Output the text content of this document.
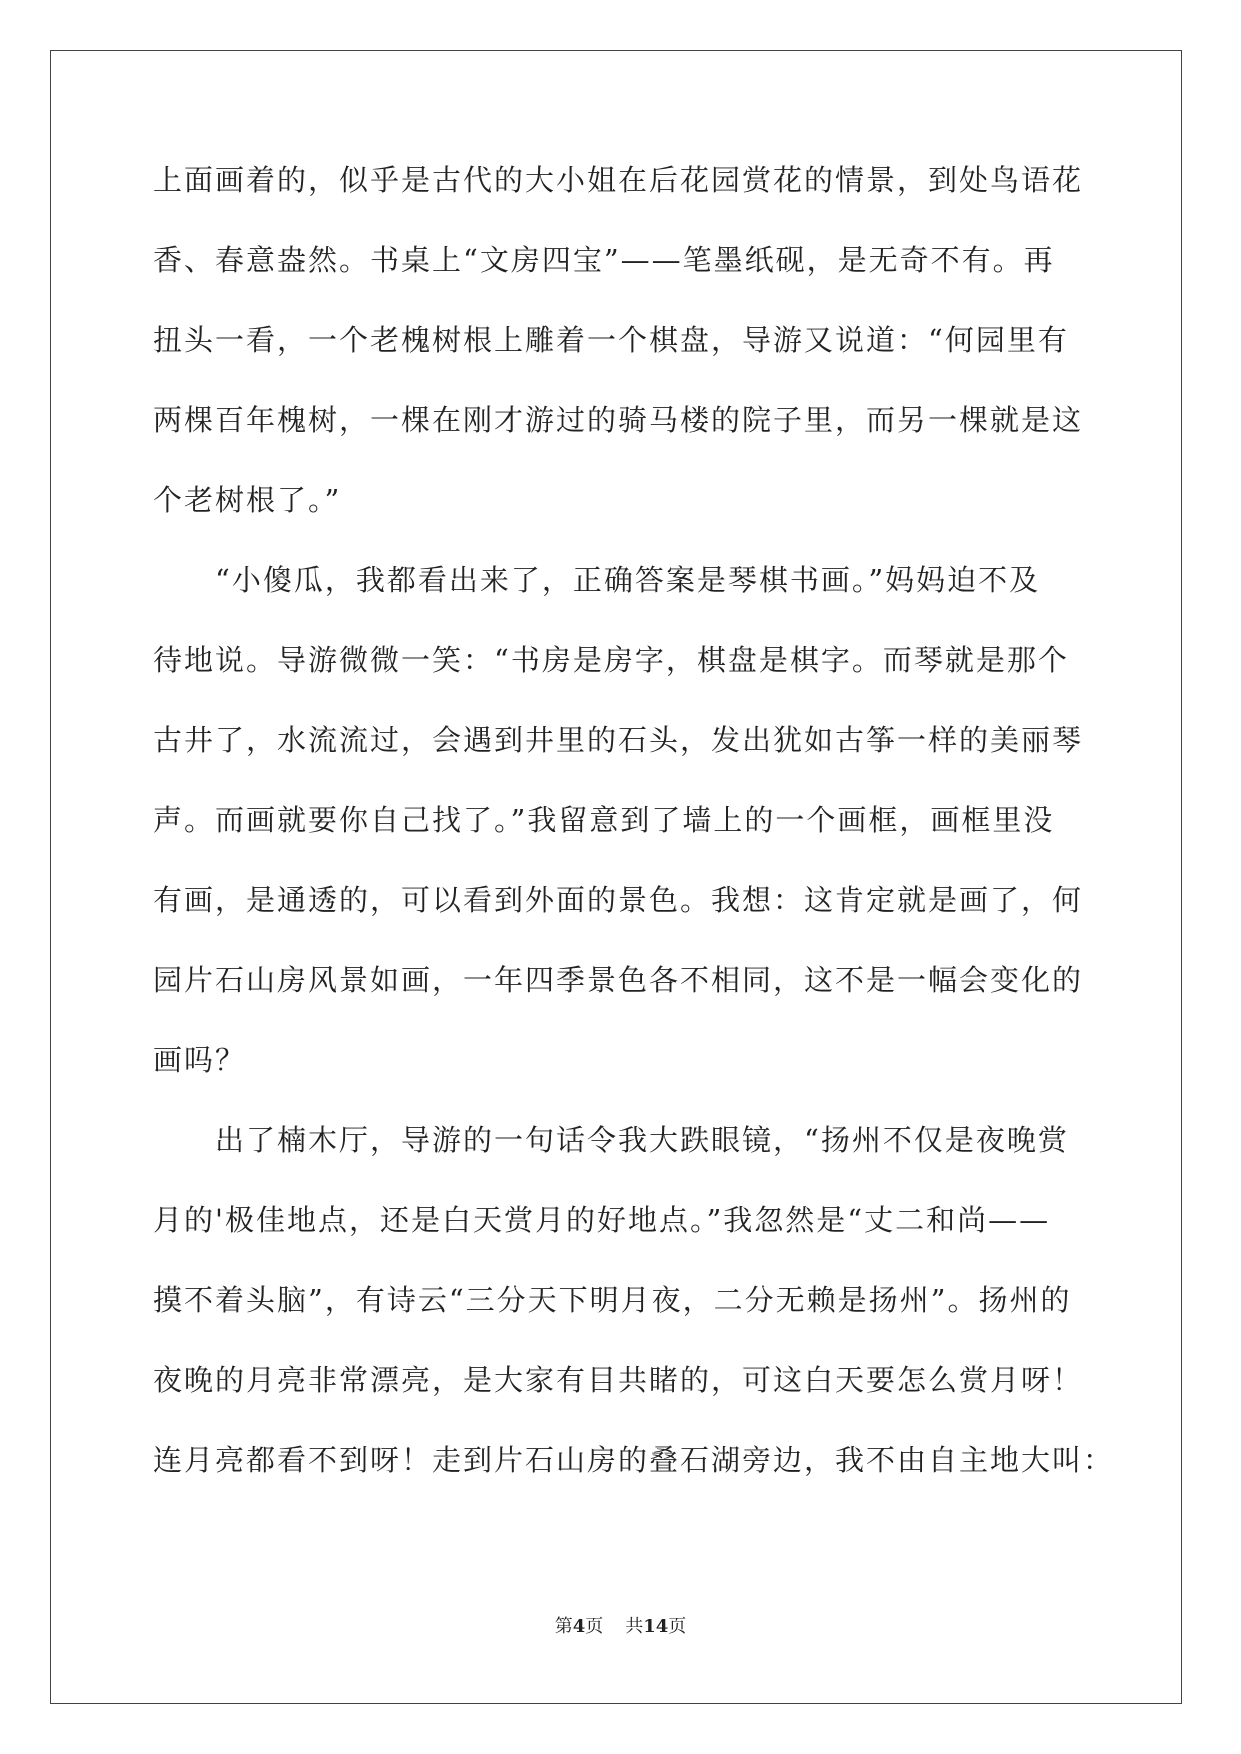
上面画着的，似乎是古代的大小姐在后花园赏花的情景，到处鸟语花
香、春意盎然。书桌上“文房四宝”——笔墨纸砚，是无奇不有。再
扭头一看，一个老槐树根上雕着一个棋盘，导游又说道：“何园里有
两棵百年槐树，一棵在刚才游过的骑马楼的院子里，而另一棵就是这
个老树根了。”
　　“小傻瓜，我都看出来了，正确答案是琴棋书画。”妈妈迫不及
待地说。导游微微一笑：“书房是房字，棋盘是棋字。而琴就是那个
古井了，水流流过，会遇到井里的石头，发出犹如古筝一样的美丽琴
声。而画就要你自己找了。”我留意到了墙上的一个画框，画框里没
有画，是通透的，可以看到外面的景色。我想：这肯定就是画了，何
园片石山房风景如画，一年四季景色各不相同，这不是一幅会变化的
画吗？
　　出了楠木厅，导游的一句话令我大跌眼镜，“扬州不仅是夜晚赏
月的'极佳地点，还是白天赏月的好地点。”我忽然是“丈二和尚——
摸不着头脑”，有诗云“三分天下明月夜，二分无赖是扬州”。扬州的
夜晚的月亮非常漂亮，是大家有目共睹的，可这白天要怎么赏月呀！
连月亮都看不到呀！走到片石山房的叠石湖旁边，我不由自主地大叫：
第4页 共14页
